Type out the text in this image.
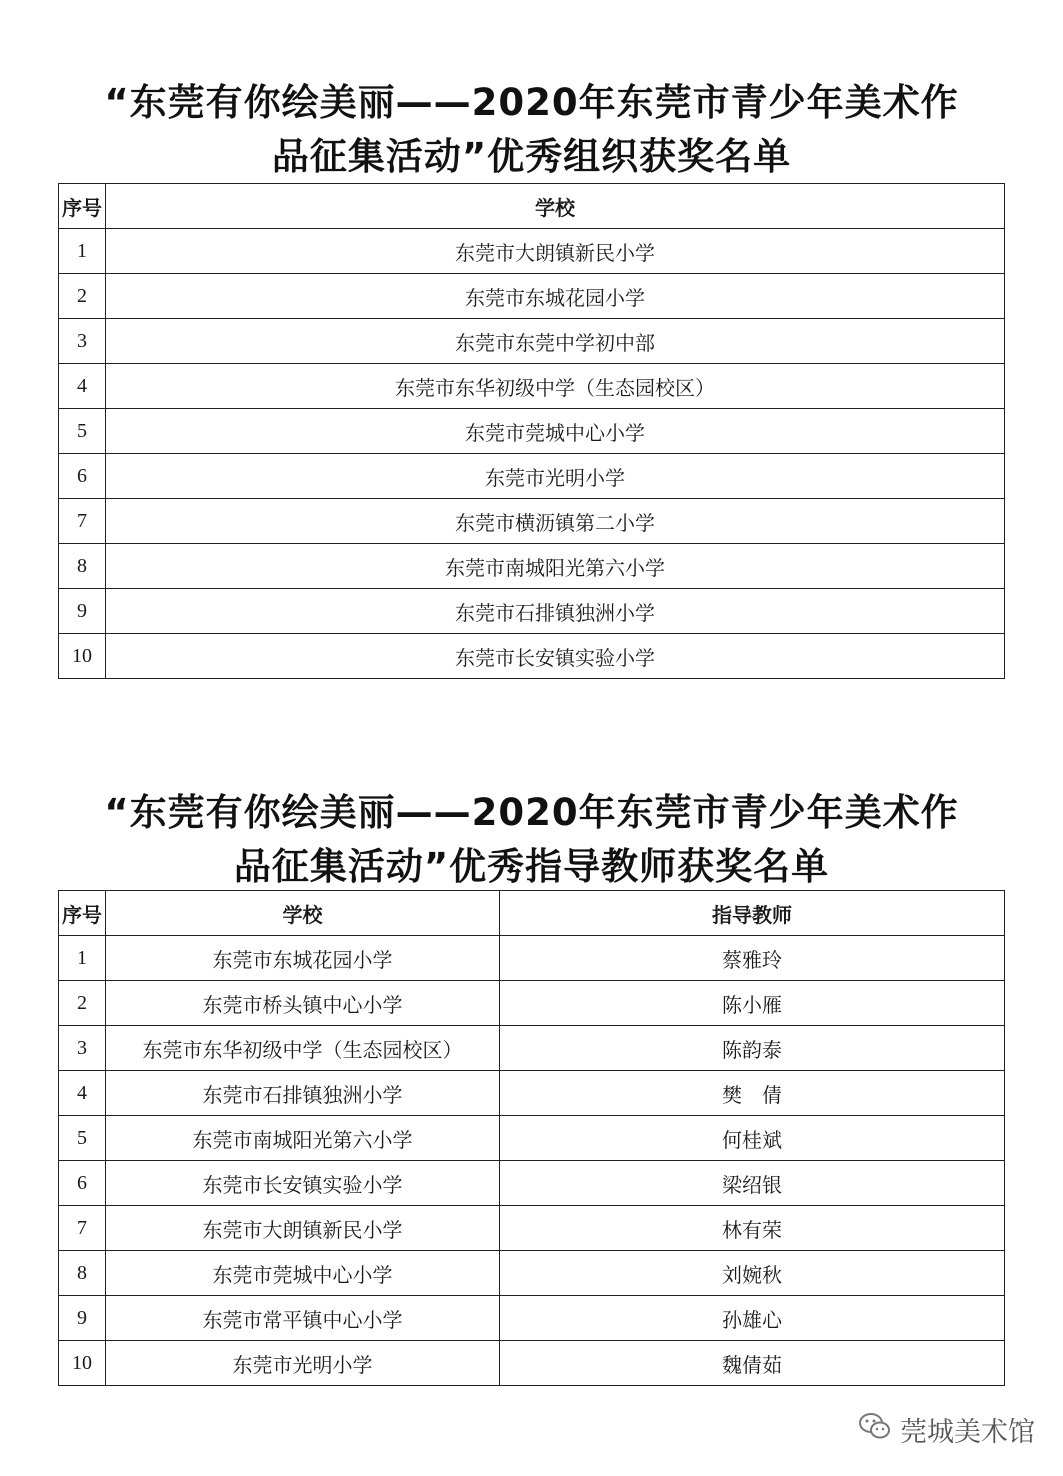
“东莞有你绘美丽——2020年东莞市青少年美术作
品征集活动”优秀组织获奖名单
序号	学校
1	东莞市大朗镇新民小学
2	东莞市东城花园小学
3	东莞市东莞中学初中部
4	东莞市东华初级中学（生态园校区）
5	东莞市莞城中心小学
6	东莞市光明小学
7	东莞市横沥镇第二小学
8	东莞市南城阳光第六小学
9	东莞市石排镇独洲小学
10	东莞市长安镇实验小学
“东莞有你绘美丽——2020年东莞市青少年美术作
品征集活动”优秀指导教师获奖名单
序号	学校	指导教师
1	东莞市东城花园小学	蔡雅玲
2	东莞市桥头镇中心小学	陈小雁
3	东莞市东华初级中学（生态园校区）	陈韵泰
4	东莞市石排镇独洲小学	樊　倩
5	东莞市南城阳光第六小学	何桂斌
6	东莞市长安镇实验小学	梁绍银
7	东莞市大朗镇新民小学	林有荣
8	东莞市莞城中心小学	刘婉秋
9	东莞市常平镇中心小学	孙雄心
10	东莞市光明小学	魏倩茹
莞城美术馆
